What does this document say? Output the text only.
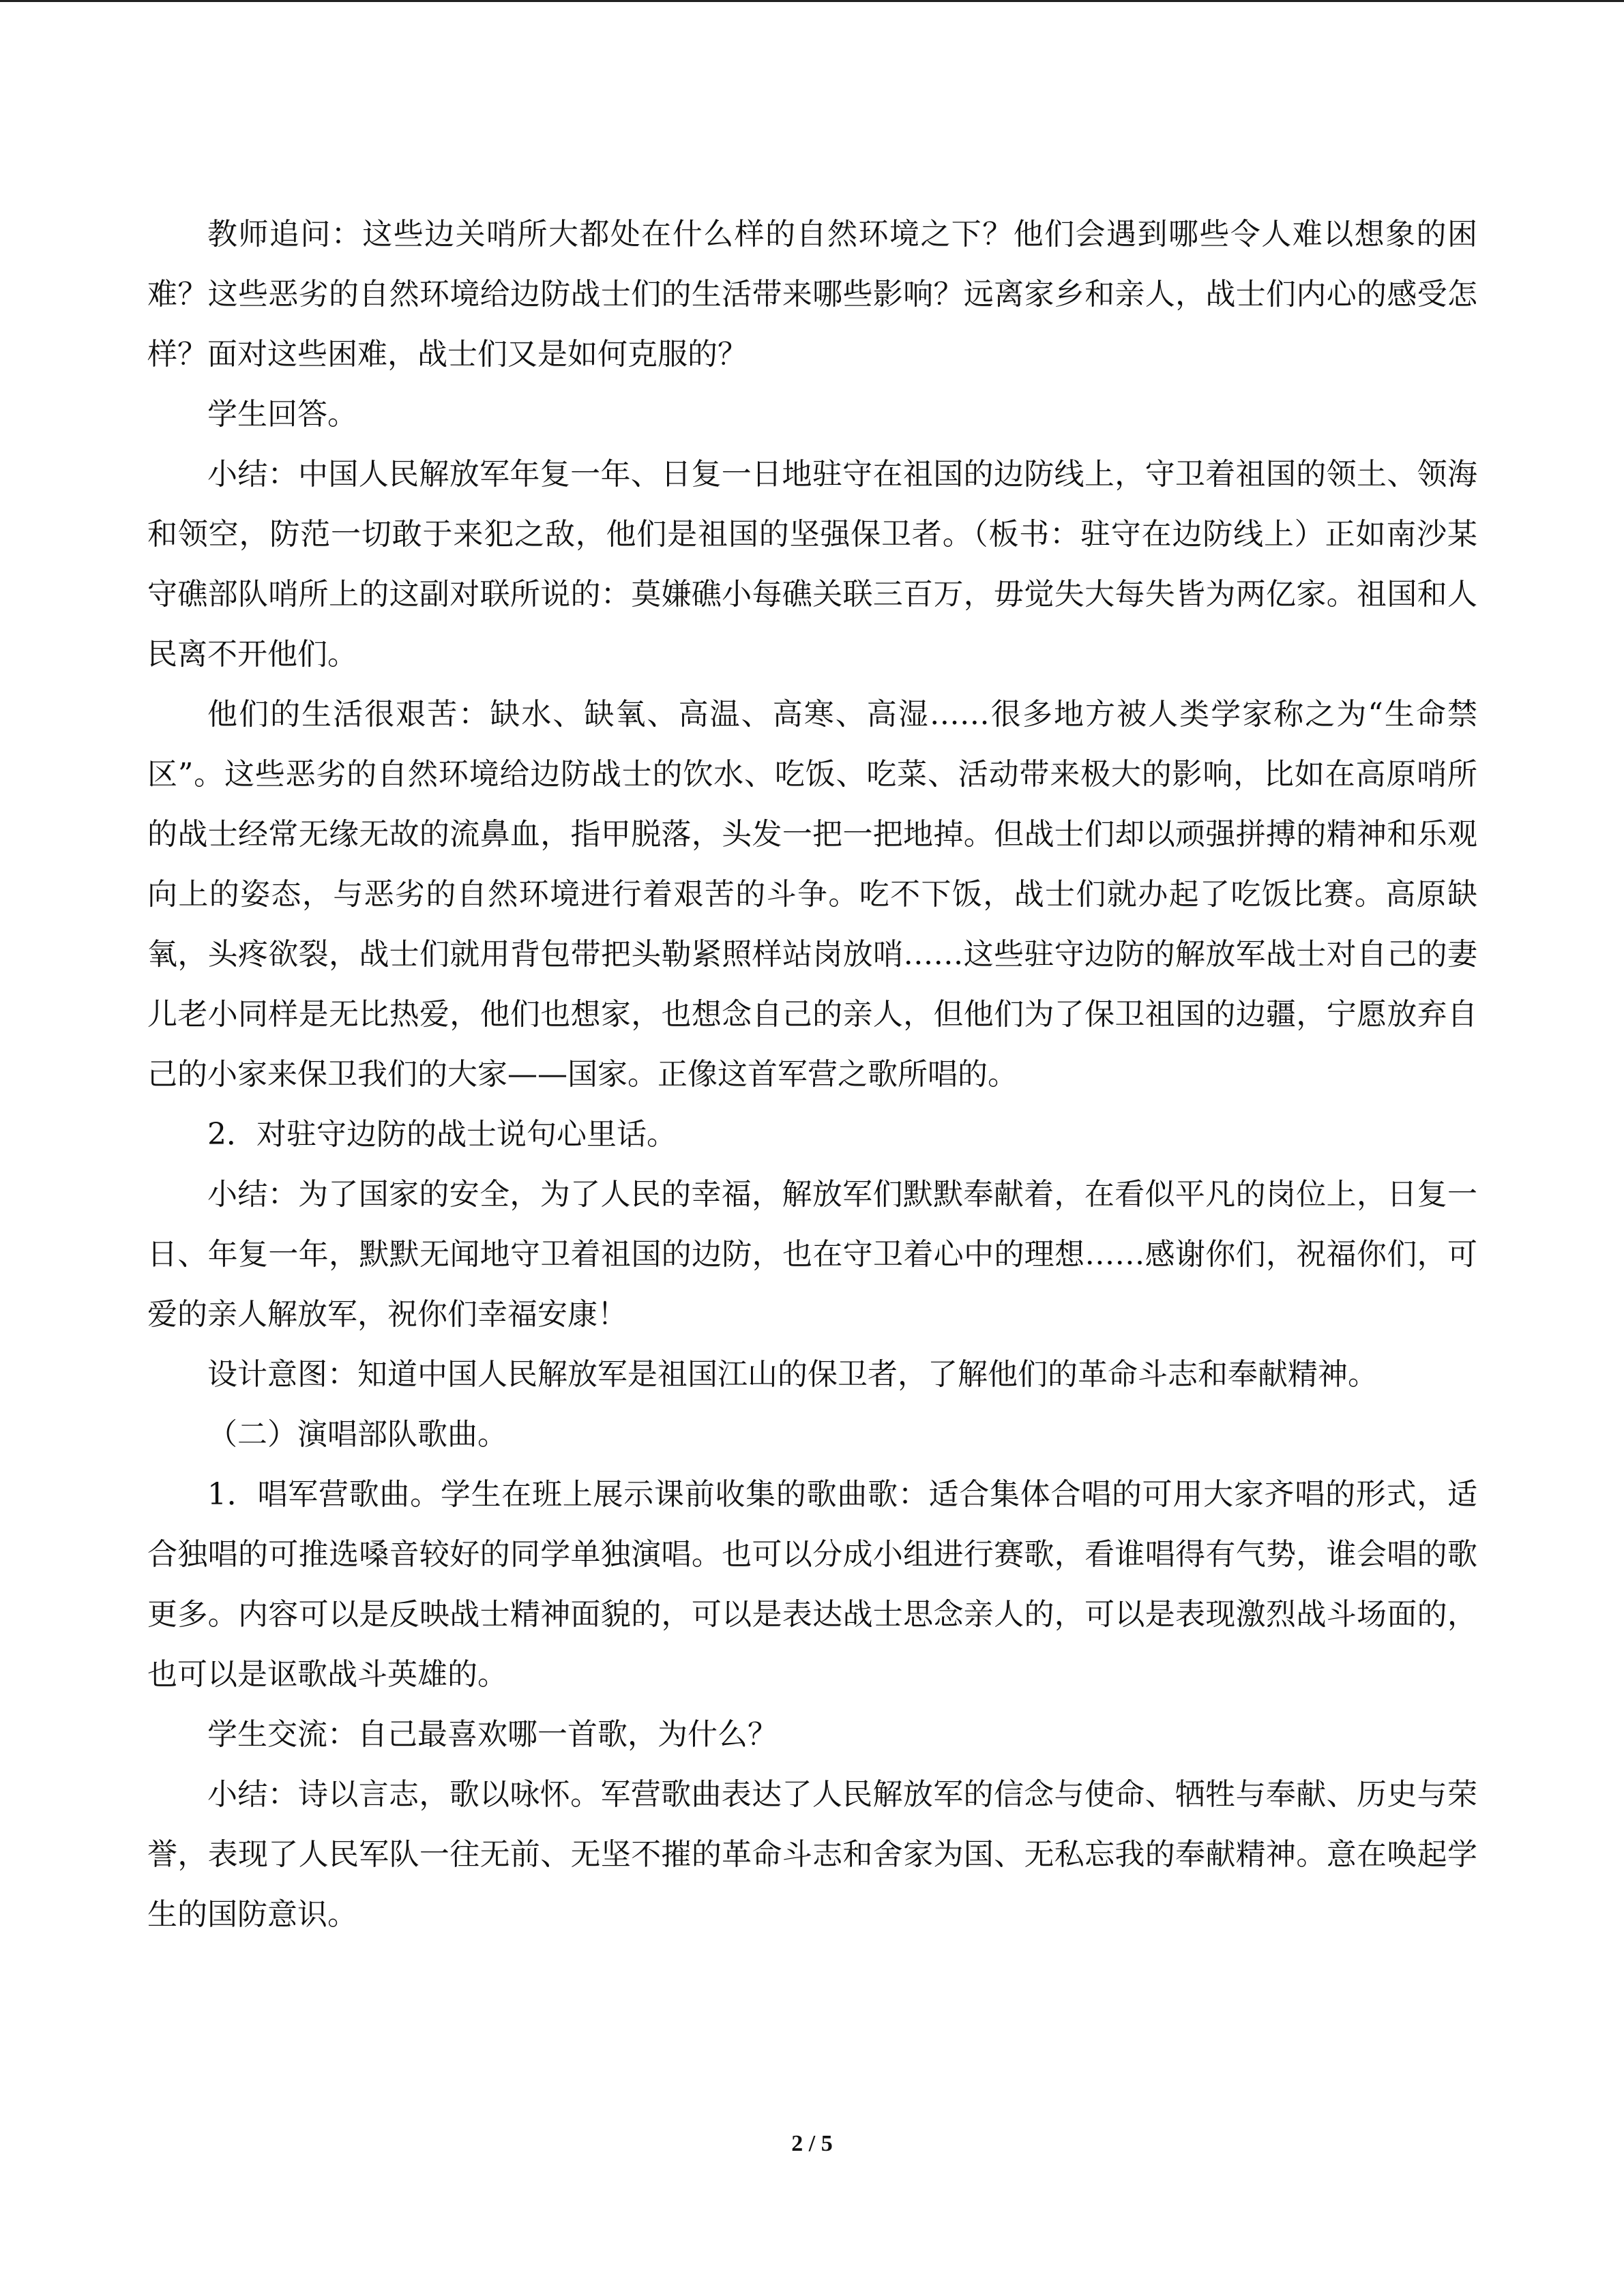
教师追问：这些边关哨所大都处在什么样的自然环境之下？他们会遇到哪些令人难以想象的困难？这些恶劣的自然环境给边防战士们的生活带来哪些影响？远离家乡和亲人，战士们内心的感受怎样？面对这些困难，战士们又是如何克服的？

学生回答。

小结：中国人民解放军年复一年、日复一日地驻守在祖国的边防线上，守卫着祖国的领土、领海和领空，防范一切敢于来犯之敌，他们是祖国的坚强保卫者。（板书：驻守在边防线上）正如南沙某守礁部队哨所上的这副对联所说的：莫嫌礁小每礁关联三百万，毋觉失大每失皆为两亿家。祖国和人民离不开他们。

他们的生活很艰苦：缺水、缺氧、高温、高寒、高湿……很多地方被人类学家称之为“生命禁区”。这些恶劣的自然环境给边防战士的饮水、吃饭、吃菜、活动带来极大的影响，比如在高原哨所的战士经常无缘无故的流鼻血，指甲脱落，头发一把一把地掉。但战士们却以顽强拼搏的精神和乐观向上的姿态，与恶劣的自然环境进行着艰苦的斗争。吃不下饭，战士们就办起了吃饭比赛。高原缺氧，头疼欲裂，战士们就用背包带把头勒紧照样站岗放哨……这些驻守边防的解放军战士对自己的妻儿老小同样是无比热爱，他们也想家，也想念自己的亲人，但他们为了保卫祖国的边疆，宁愿放弃自己的小家来保卫我们的大家——国家。正像这首军营之歌所唱的。

2．对驻守边防的战士说句心里话。

小结：为了国家的安全，为了人民的幸福，解放军们默默奉献着，在看似平凡的岗位上，日复一日、年复一年，默默无闻地守卫着祖国的边防，也在守卫着心中的理想……感谢你们，祝福你们，可爱的亲人解放军，祝你们幸福安康！

设计意图：知道中国人民解放军是祖国江山的保卫者，了解他们的革命斗志和奉献精神。

（二）演唱部队歌曲。

1．唱军营歌曲。学生在班上展示课前收集的歌曲歌：适合集体合唱的可用大家齐唱的形式，适合独唱的可推选嗓音较好的同学单独演唱。也可以分成小组进行赛歌，看谁唱得有气势，谁会唱的歌更多。内容可以是反映战士精神面貌的，可以是表达战士思念亲人的，可以是表现激烈战斗场面的，也可以是讴歌战斗英雄的。

学生交流：自己最喜欢哪一首歌，为什么？

小结：诗以言志，歌以咏怀。军营歌曲表达了人民解放军的信念与使命、牺牲与奉献、历史与荣誉，表现了人民军队一往无前、无坚不摧的革命斗志和舍家为国、无私忘我的奉献精神。意在唤起学生的国防意识。

2 / 5
